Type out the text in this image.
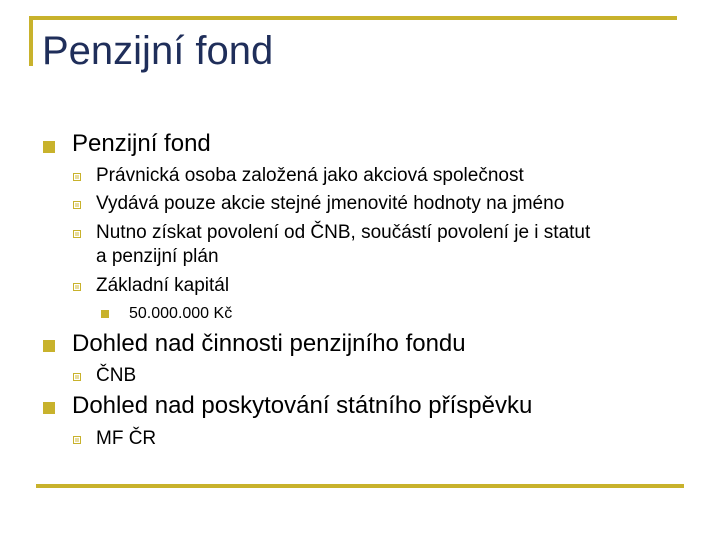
Penzijní fond
Penzijní fond
Právnická osoba založená jako akciová společnost
Vydává pouze akcie stejné jmenovité hodnoty na jméno
Nutno získat povolení od ČNB, součástí povolení je i statut
a penzijní plán
Základní kapitál
50.000.000 Kč
Dohled nad činnosti penzijního fondu
ČNB
Dohled nad poskytování státního příspěvku
MF ČR
